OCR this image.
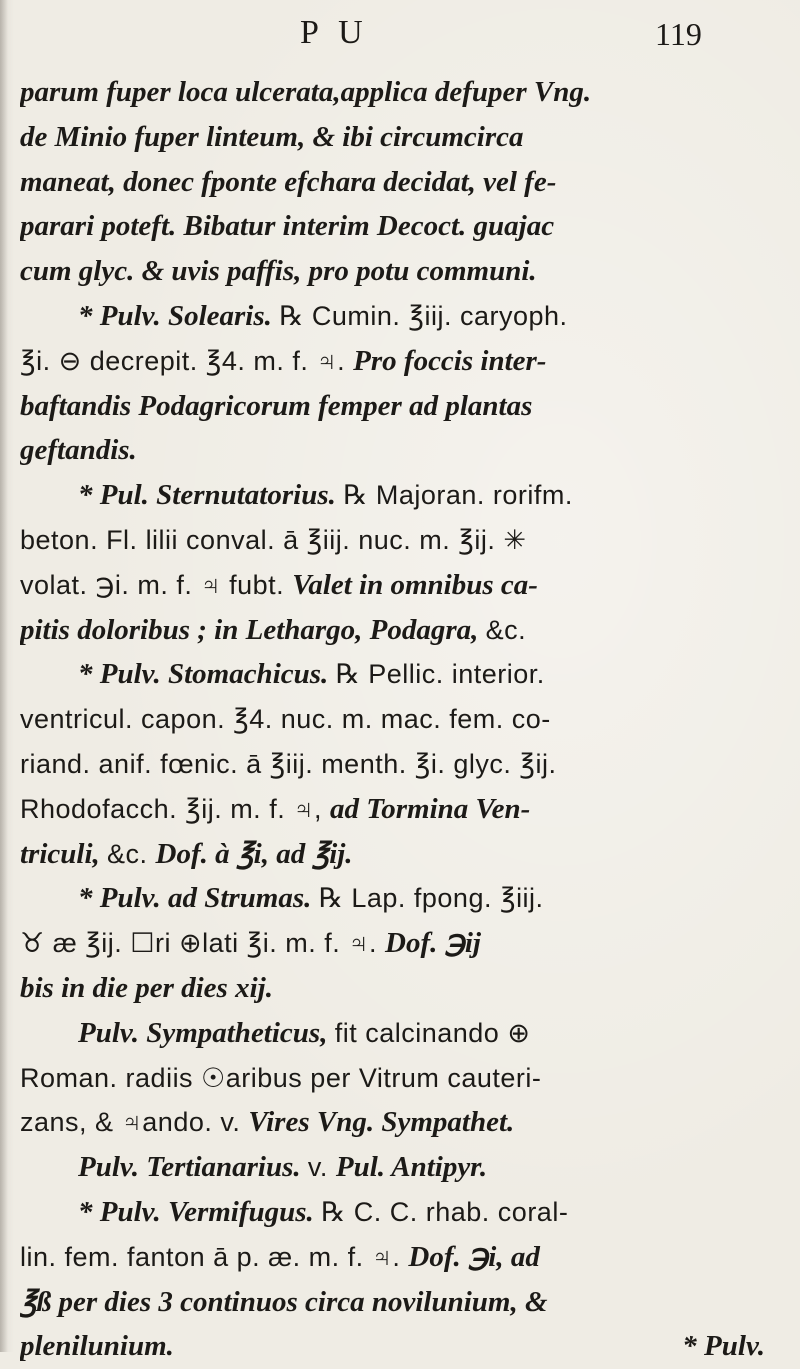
P U	119
parum fuper loca ulcerata,applica defuper Vng.
de Minio fuper linteum, & ibi circumcirca
maneat, donec fponte efchara decidat, vel fe-
parari poteft. Bibatur interim Decoct. guajac
cum glyc. & uvis paffis, pro potu communi.
* Pulv. Solearis. ℞ Cumin. ℥iij. caryoph.
℥i. ⊖ decrepit. ℥4. m. f. ♃. Pro foccis inter-
baftandis Podagricorum femper ad plantas
geftandis.
* Pul. Sternutatorius. ℞ Majoran. rorifm.
beton. Fl. lilii conval. ā ℥iij. nuc. m. ℥ij. ✳
volat. ℈i. m. f. ♃ fubt. Valet in omnibus ca-
pitis doloribus ; in Lethargo, Podagra, &c.
* Pulv. Stomachicus. ℞ Pellic. interior.
ventricul. capon. ℥4. nuc. m. mac. fem. co-
riand. anif. fœnic. ā ℥iij. menth. ℥i. glyc. ℥ij.
Rhodofacch. ℥ij. m. f. ♃, ad Tormina Ven-
triculi, &c. Dof. à ℥i, ad ℥ij.
* Pulv. ad Strumas. ℞ Lap. fpong. ℥iij.
♉ æ ℥ij. ☐ri ⊕lati ℥i. m. f. ♃. Dof. ℈ij
bis in die per dies xij.
Pulv. Sympatheticus, fit calcinando ⊕
Roman. radiis ☉aribus per Vitrum cauteri-
zans, & ♃ando. v. Vires Vng. Sympathet.
Pulv. Tertianarius. v. Pul. Antipyr.
* Pulv. Vermifugus. ℞ C. C. rhab. coral-
lin. fem. fanton ā p. æ. m. f. ♃. Dof. ℈i, ad
℥ß per dies 3 continuos circa novilunium, &
plenilunium.	* Pulv.
